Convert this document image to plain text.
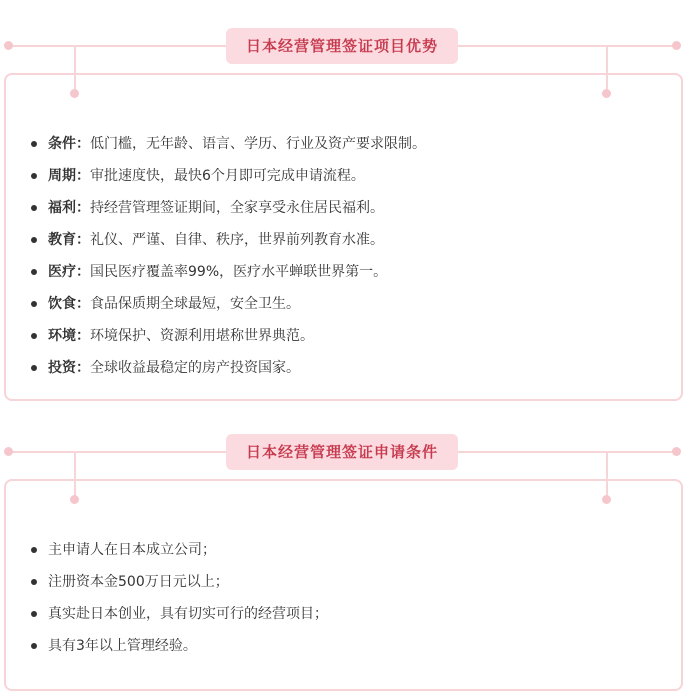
日本经营管理签证项目优势
条件：低门槛，无年龄、语言、学历、行业及资产要求限制。
周期：审批速度快，最快6个月即可完成申请流程。
福利：持经营管理签证期间，全家享受永住居民福利。
教育：礼仪、严谨、自律、秩序，世界前列教育水准。
医疗：国民医疗覆盖率99%，医疗水平蝉联世界第一。
饮食：食品保质期全球最短，安全卫生。
环境：环境保护、资源利用堪称世界典范。
投资：全球收益最稳定的房产投资国家。
日本经营管理签证申请条件
主申请人在日本成立公司；
注册资本金500万日元以上；
真实赴日本创业，具有切实可行的经营项目；
具有3年以上管理经验。
